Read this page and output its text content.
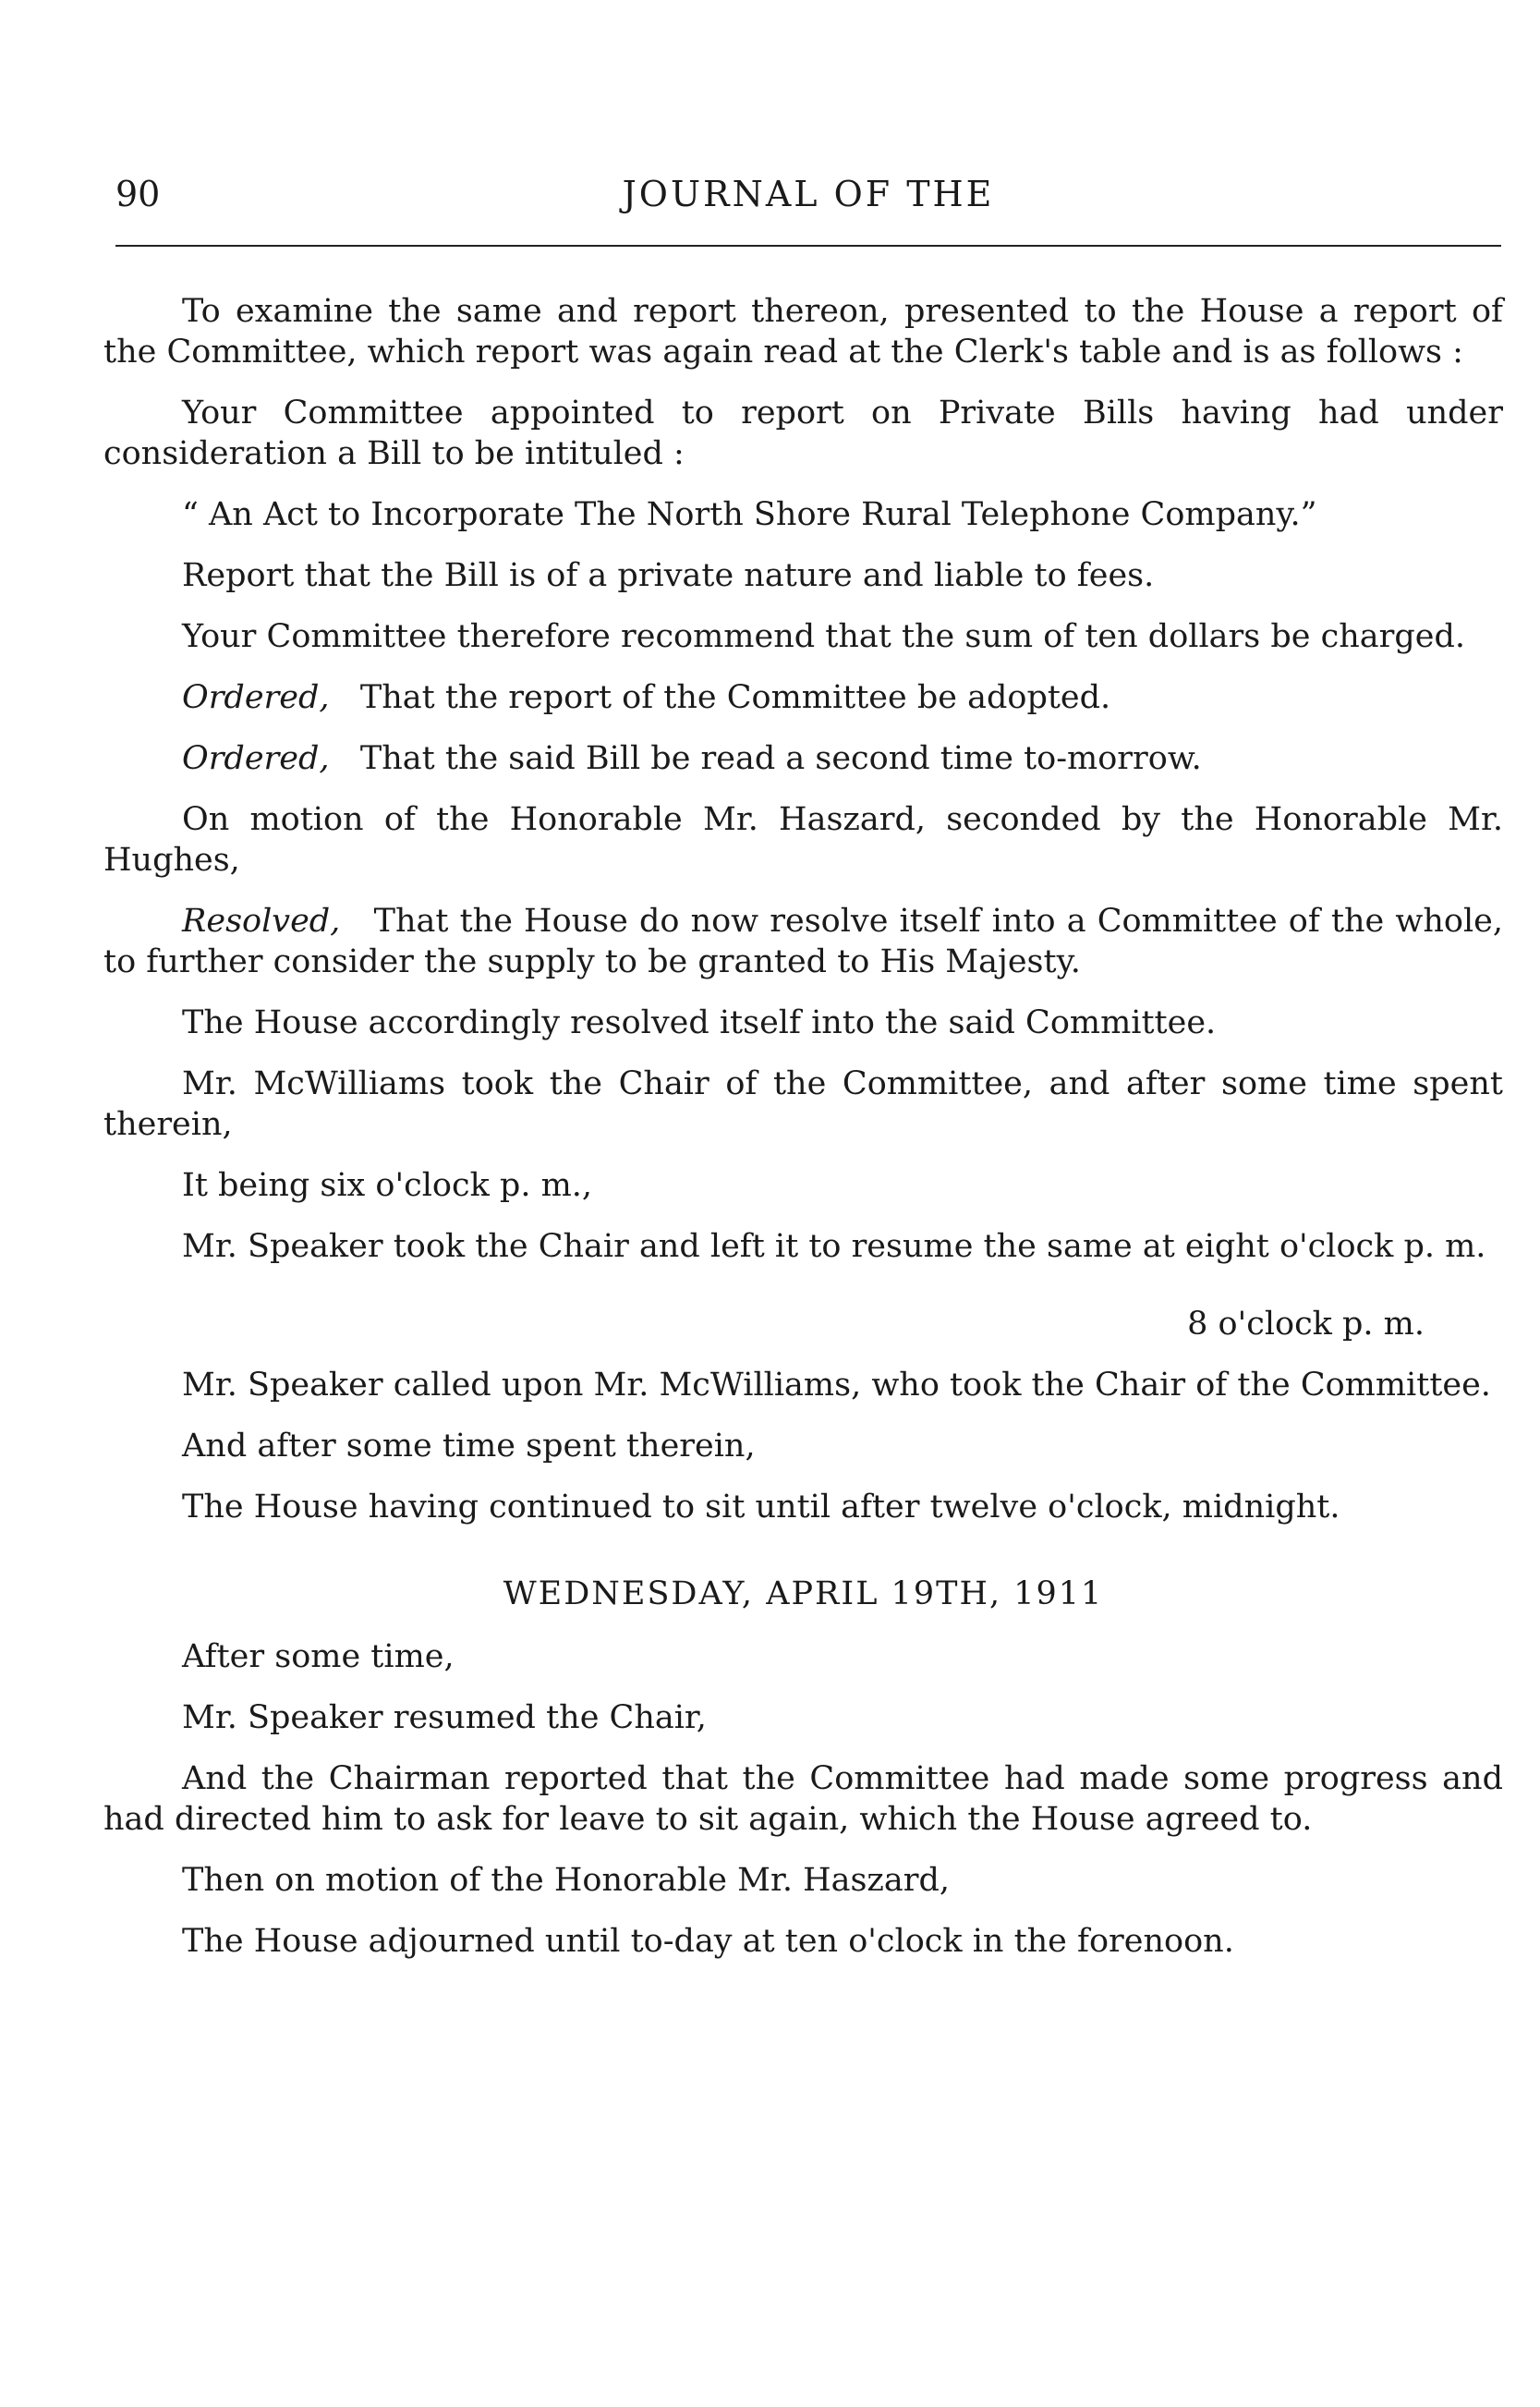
90	JOURNAL OF THE

To examine the same and report thereon, presented to the House a report of the Committee, which report was again read at the Clerk's table and is as follows :

Your Committee appointed to report on Private Bills having had under consideration a Bill to be intituled :

“ An Act to Incorporate The North Shore Rural Telephone Company.”

Report that the Bill is of a private nature and liable to fees.

Your Committee therefore recommend that the sum of ten dollars be charged.

Ordered, That the report of the Committee be adopted.

Ordered, That the said Bill be read a second time to-morrow.

On motion of the Honorable Mr. Haszard, seconded by the Honorable Mr. Hughes,

Resolved, That the House do now resolve itself into a Committee of the whole, to further consider the supply to be granted to His Majesty.

The House accordingly resolved itself into the said Committee.

Mr. McWilliams took the Chair of the Committee, and after some time spent therein,

It being six o'clock p. m.,

Mr. Speaker took the Chair and left it to resume the same at eight o'clock p. m.

8 o'clock p. m.

Mr. Speaker called upon Mr. McWilliams, who took the Chair of the Committee.

And after some time spent therein,

The House having continued to sit until after twelve o'clock, midnight.

WEDNESDAY, APRIL 19TH, 1911

After some time,

Mr. Speaker resumed the Chair,

And the Chairman reported that the Committee had made some progress and had directed him to ask for leave to sit again, which the House agreed to.

Then on motion of the Honorable Mr. Haszard,

The House adjourned until to-day at ten o'clock in the forenoon.
